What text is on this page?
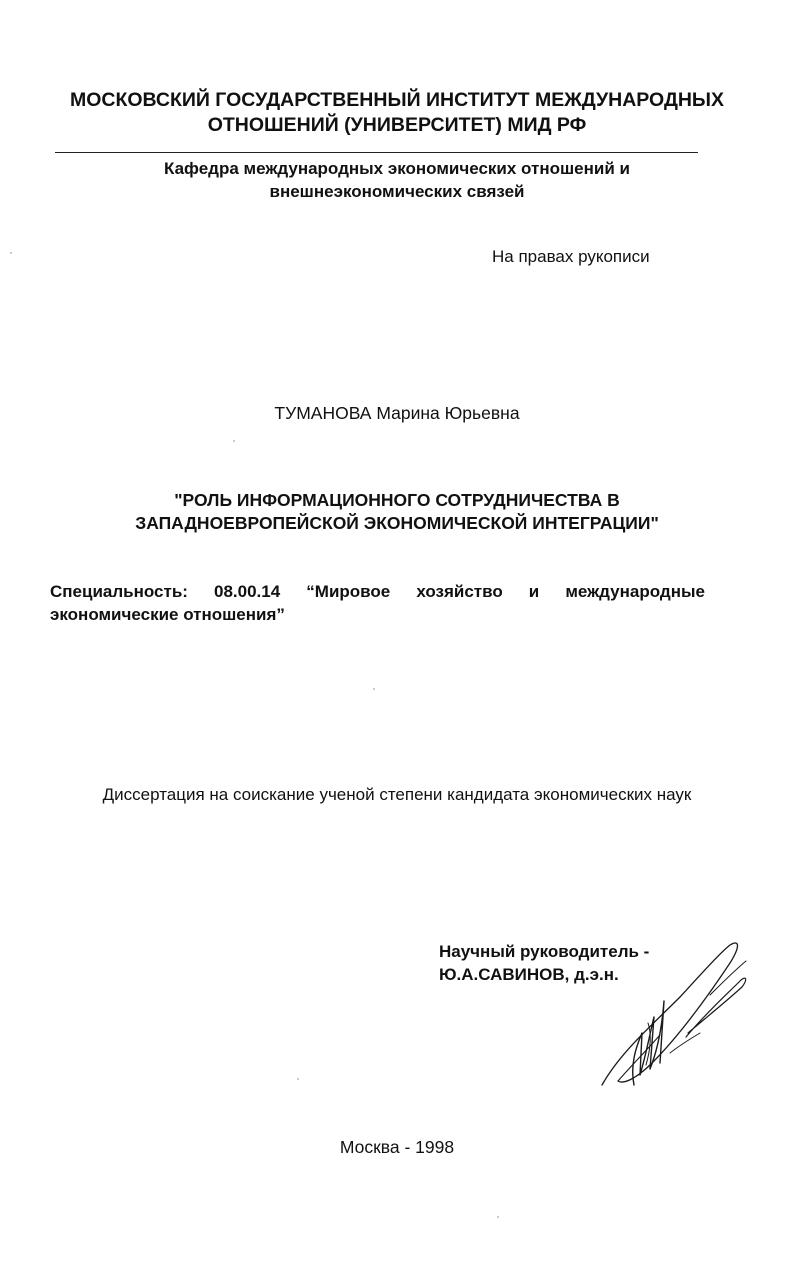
МОСКОВСКИЙ ГОСУДАРСТВЕННЫЙ ИНСТИТУТ МЕЖДУНАРОДНЫХ
ОТНОШЕНИЙ (УНИВЕРСИТЕТ) МИД РФ
Кафедра международных экономических отношений и
внешнеэкономических связей
На правах рукописи
ТУМАНОВА Марина Юрьевна
"РОЛЬ ИНФОРМАЦИОННОГО СОТРУДНИЧЕСТВА В
ЗАПАДНОЕВРОПЕЙСКОЙ ЭКОНОМИЧЕСКОЙ ИНТЕГРАЦИИ"
Специальность: 08.00.14 “Мировое хозяйство и международные
экономические отношения”
Диссертация на соискание ученой степени кандидата экономических наук
Научный руководитель -
Ю.А.САВИНОВ, д.э.н.
Москва - 1998
